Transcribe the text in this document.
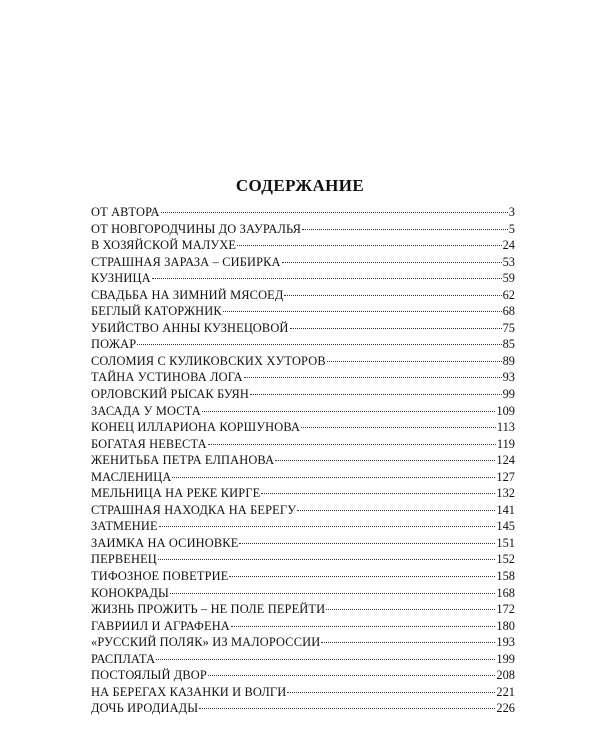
СОДЕРЖАНИЕ
ОТ АВТОРА	3
ОТ НОВГОРОДЧИНЫ ДО ЗАУРАЛЬЯ	5
В ХОЗЯЙСКОЙ МАЛУХЕ	24
СТРАШНАЯ ЗАРАЗА – СИБИРКА	53
КУЗНИЦА	59
СВАДЬБА НА ЗИМНИЙ МЯСОЕД	62
БЕГЛЫЙ КАТОРЖНИК	68
УБИЙСТВО АННЫ КУЗНЕЦОВОЙ	75
ПОЖАР	85
СОЛОМИЯ С КУЛИКОВСКИХ ХУТОРОВ	89
ТАЙНА УСТИНОВА ЛОГА	93
ОРЛОВСКИЙ РЫСАК БУЯН	99
ЗАСАДА У МОСТА	109
КОНЕЦ ИЛЛАРИОНА КОРШУНОВА	113
БОГАТАЯ НЕВЕСТА	119
ЖЕНИТЬБА ПЕТРА ЕЛПАНОВА	124
МАСЛЕНИЦА	127
МЕЛЬНИЦА НА РЕКЕ КИРГЕ	132
СТРАШНАЯ НАХОДКА НА БЕРЕГУ	141
ЗАТМЕНИЕ	145
ЗАИМКА НА ОСИНОВКЕ	151
ПЕРВЕНЕЦ	152
ТИФОЗНОЕ ПОВЕТРИЕ	158
КОНОКРАДЫ	168
ЖИЗНЬ ПРОЖИТЬ – НЕ ПОЛЕ ПЕРЕЙТИ	172
ГАВРИИЛ И АГРАФЕНА	180
«РУССКИЙ ПОЛЯК» ИЗ МАЛОРОССИИ	193
РАСПЛАТА	199
ПОСТОЯЛЫЙ ДВОР	208
НА БЕРЕГАХ КАЗАНКИ И ВОЛГИ	221
ДОЧЬ ИРОДИАДЫ	226
